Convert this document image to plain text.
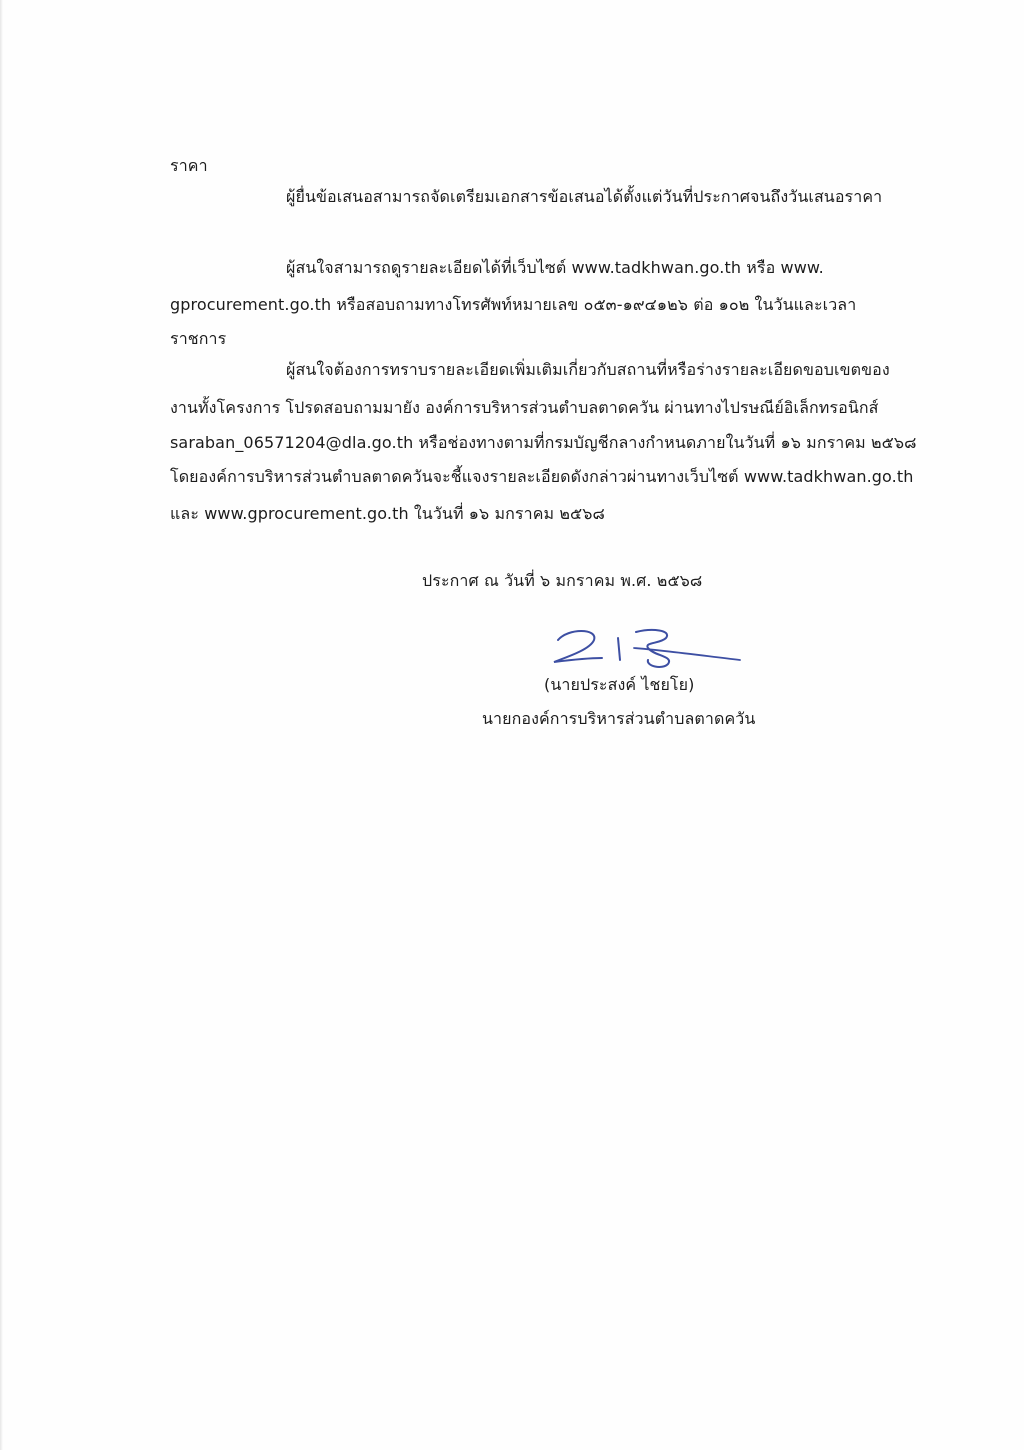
ราคา
ผู้ยื่นข้อเสนอสามารถจัดเตรียมเอกสารข้อเสนอได้ตั้งแต่วันที่ประกาศจนถึงวันเสนอราคา
ผู้สนใจสามารถดูรายละเอียดได้ที่เว็บไซต์ www.tadkhwan.go.th หรือ www.
gprocurement.go.th หรือสอบถามทางโทรศัพท์หมายเลข ๐๕๓-๑๙๔๑๒๖ ต่อ ๑๐๒ ในวันและเวลา
ราชการ
ผู้สนใจต้องการทราบรายละเอียดเพิ่มเติมเกี่ยวกับสถานที่หรือร่างรายละเอียดขอบเขตของ
งานทั้งโครงการ โปรดสอบถามมายัง องค์การบริหารส่วนตำบลตาดควัน ผ่านทางไปรษณีย์อิเล็กทรอนิกส์
saraban_06571204@dla.go.th หรือช่องทางตามที่กรมบัญชีกลางกำหนดภายในวันที่ ๑๖ มกราคม ๒๕๖๘
โดยองค์การบริหารส่วนตำบลตาดควันจะชี้แจงรายละเอียดดังกล่าวผ่านทางเว็บไซต์ www.tadkhwan.go.th
และ www.gprocurement.go.th ในวันที่ ๑๖ มกราคม ๒๕๖๘
ประกาศ ณ วันที่ ๖ มกราคม พ.ศ. ๒๕๖๘
(นายประสงค์ ไชยโย)
นายกองค์การบริหารส่วนตำบลตาดควัน
